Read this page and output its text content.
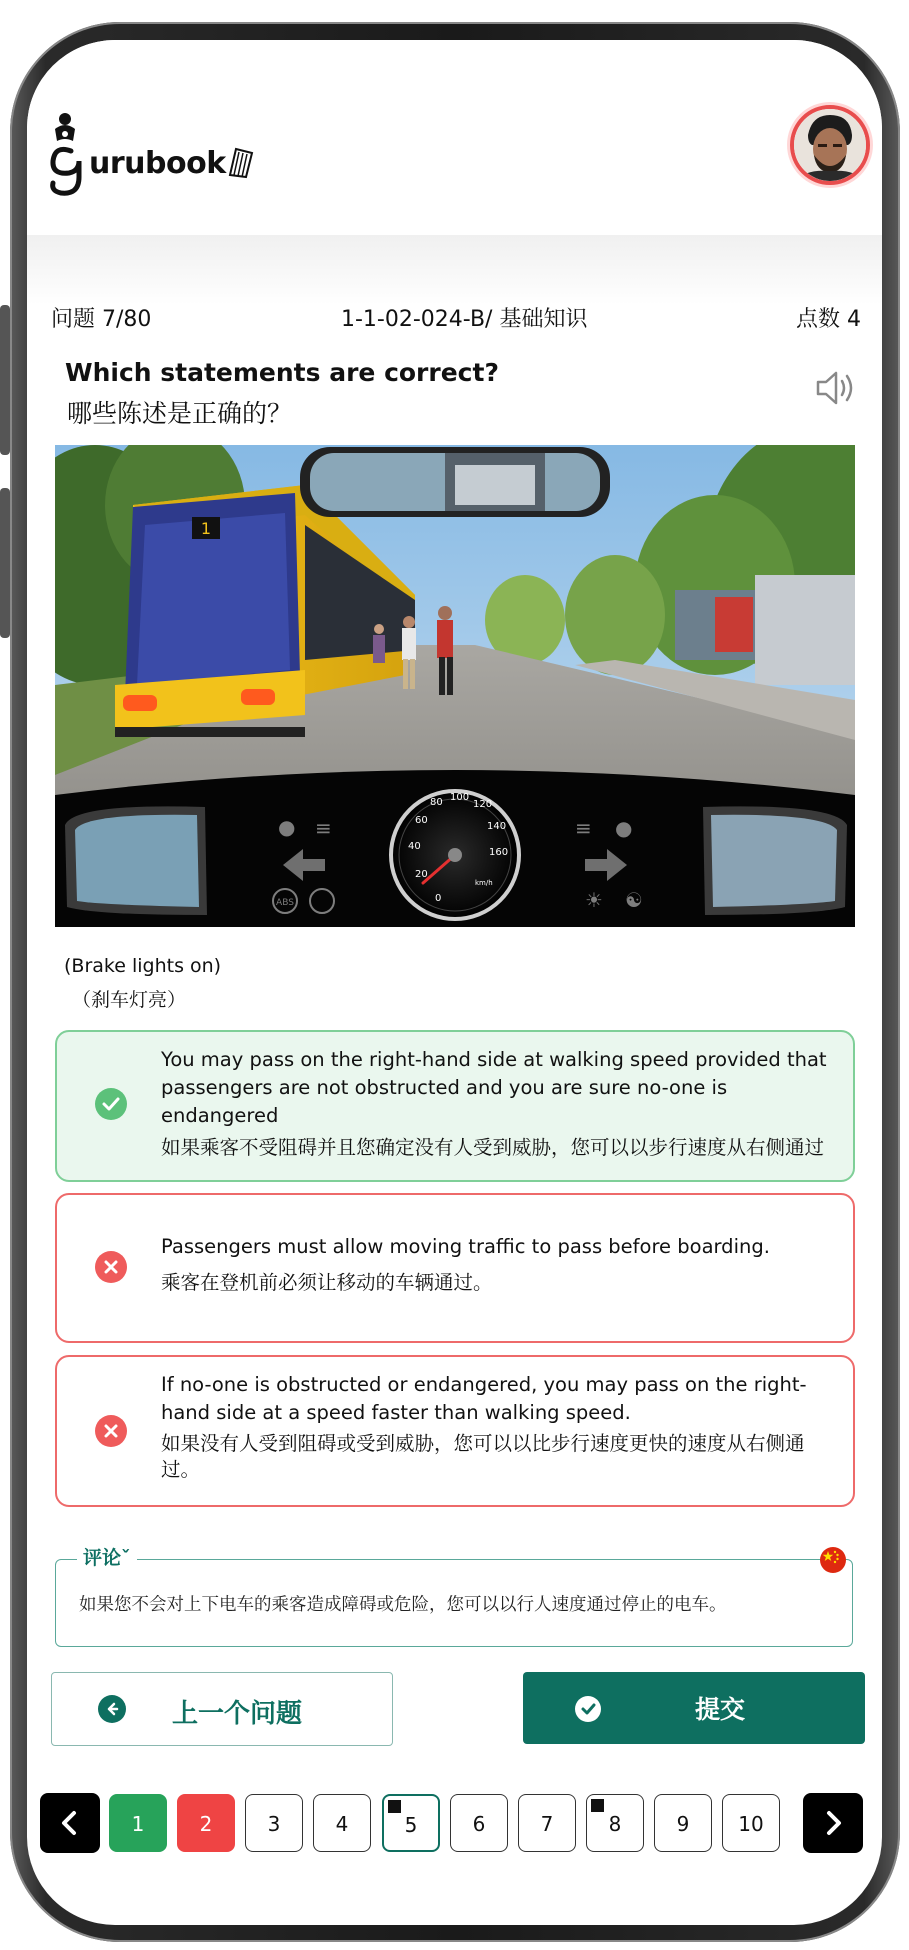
urubook
问题 7/80	1-1-02-024-B/ 基础知识	点数 4
Which statements are correct?
哪些陈述是正确的？
1
● ≡
ABS
≡ ●
☀ ☯
0
20
40
60
80 100
120
140
160
km/h
(Brake lights on)
（刹车灯亮）
You may pass on the right-hand side at walking speed provided that passengers are not obstructed and you are sure no-one is endangered
如果乘客不受阻碍并且您确定没有人受到威胁，您可以以步行速度从右侧通过
Passengers must allow moving traffic to pass before boarding.
乘客在登机前必须让移动的车辆通过。
If no-one is obstructed or endangered, you may pass on the right-hand side at a speed faster than walking speed.
如果没有人受到阻碍或受到威胁，您可以以比步行速度更快的速度从右侧通过。
评论ˇ
如果您不会对上下电车的乘客造成障碍或危险，您可以以行人速度通过停止的电车。
上一个问题	提交
1	2	3	4	5	6	7	8	9	10
